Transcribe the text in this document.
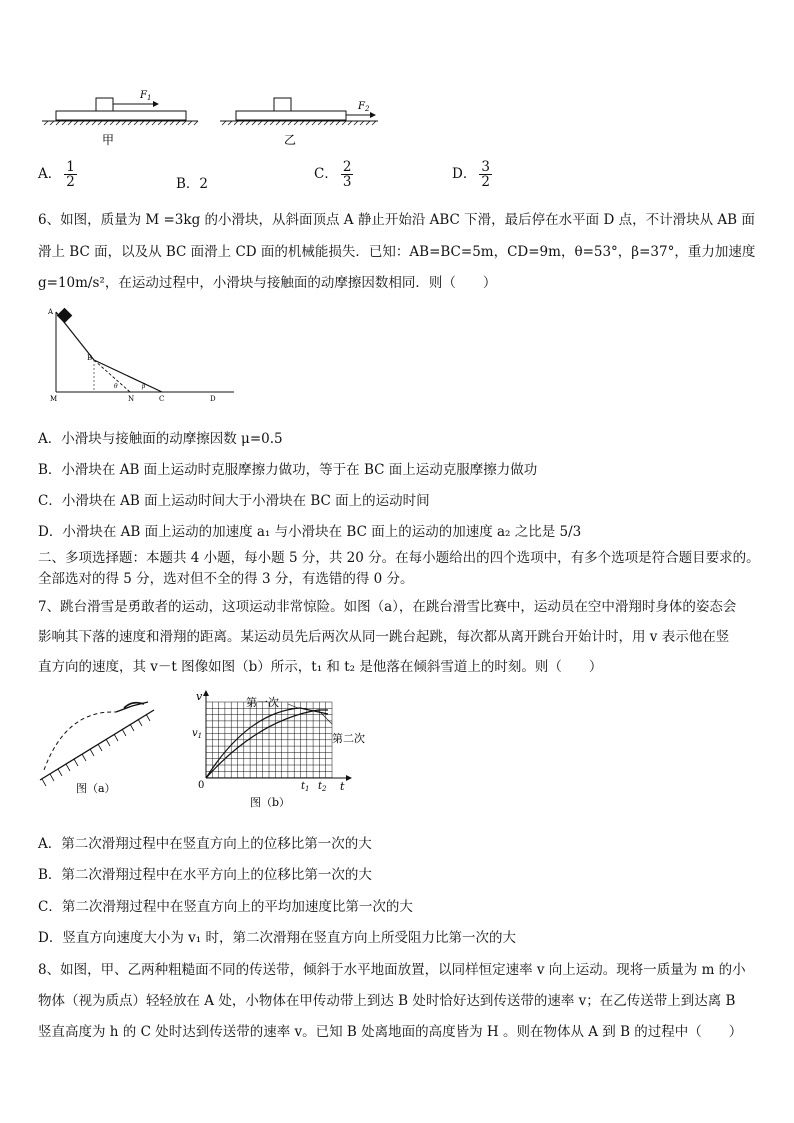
$F_1$
甲
$F_2$
乙
A． $\frac{1}{2}$	B．2
C． $\frac{2}{3}$	D． $\frac{3}{2}$
6、如图，质量为 M =3kg 的小滑块，从斜面顶点 A 静止开始沿 ABC 下滑，最后停在水平面 D 点，不计滑块从 AB 面
滑上 BC 面，以及从 BC 面滑上 CD 面的机械能损失．已知：AB=BC=5m，CD=9m，θ=53°，β=37°，重力加速度
g=10m/s²，在运动过程中，小滑块与接触面的动摩擦因数相同．则（　　）
A
B
M	N	C	D
θ	β
A．小滑块与接触面的动摩擦因数 μ=0.5
B．小滑块在 AB 面上运动时克服摩擦力做功，等于在 BC 面上运动克服摩擦力做功
C．小滑块在 AB 面上运动时间大于小滑块在 BC 面上的运动时间
D．小滑块在 AB 面上运动的加速度 a₁ 与小滑块在 BC 面上的运动的加速度 a₂ 之比是 5/3
二、多项选择题：本题共 4 小题，每小题 5 分，共 20 分。在每小题给出的四个选项中，有多个选项是符合题目要求的。
全部选对的得 5 分，选对但不全的得 3 分，有选错的得 0 分。
7、跳台滑雪是勇敢者的运动，这项运动非常惊险。如图（a），在跳台滑雪比赛中，运动员在空中滑翔时身体的姿态会
影响其下落的速度和滑翔的距离。某运动员先后两次从同一跳台起跳，每次都从离开跳台开始计时，用 v 表示他在竖
直方向的速度，其 v－t 图像如图（b）所示，t₁ 和 t₂ 是他落在倾斜雪道上的时刻。则（　　）
图（a）
v
$v_1$
0	t
$t_1$ $t_2$
第一次
第二次
图（b）
A．第二次滑翔过程中在竖直方向上的位移比第一次的大
B．第二次滑翔过程中在水平方向上的位移比第一次的大
C．第二次滑翔过程中在竖直方向上的平均加速度比第一次的大
D．竖直方向速度大小为 v₁ 时，第二次滑翔在竖直方向上所受阻力比第一次的大
8、如图，甲、乙两种粗糙面不同的传送带，倾斜于水平地面放置，以同样恒定速率 v 向上运动。现将一质量为 m 的小
物体（视为质点）轻轻放在 A 处，小物体在甲传动带上到达 B 处时恰好达到传送带的速率 v；在乙传送带上到达离 B
竖直高度为 h 的 C 处时达到传送带的速率 v。已知 B 处离地面的高度皆为 H 。则在物体从 A 到 B 的过程中（　　）
